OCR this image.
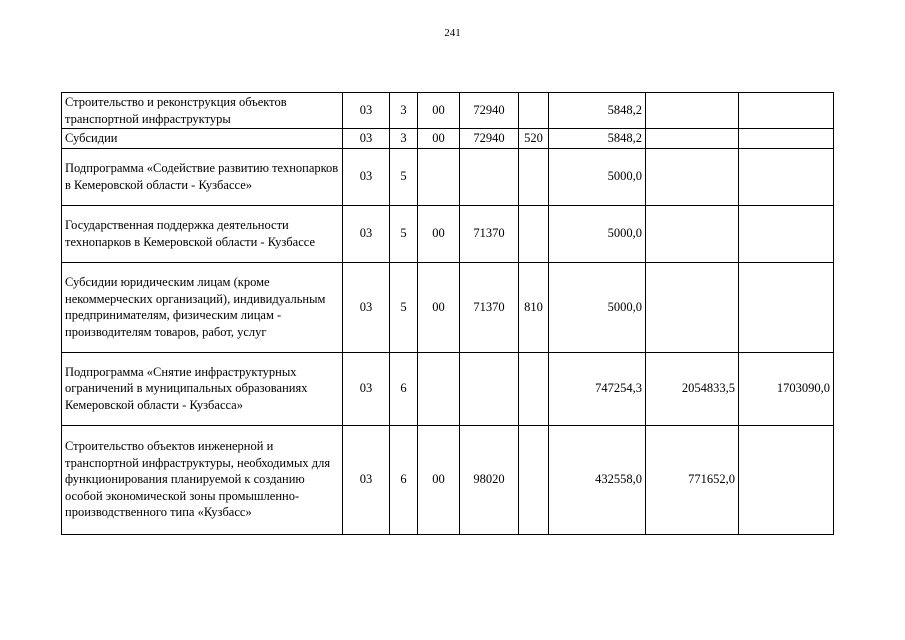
241
Строительство и реконструкция объектов транспортной инфраструктуры	03	3	00	72940		5848,2		
Субсидии	03	3	00	72940	520	5848,2		
Подпрограмма «Содействие развитию технопарков в Кемеровской области - Кузбассе»	03	5				5000,0		
Государственная поддержка деятельности технопарков в Кемеровской области - Кузбассе	03	5	00	71370		5000,0		
Субсидии юридическим лицам (кроме некоммерческих организаций), индивидуальным предпринимателям, физическим лицам - производителям товаров, работ, услуг	03	5	00	71370	810	5000,0		
Подпрограмма «Снятие инфраструктурных ограничений в муниципальных образованиях Кемеровской области - Кузбасса»	03	6				747254,3	2054833,5	1703090,0
Строительство объектов инженерной и транспортной инфраструктуры, необходимых для функционирования планируемой к созданию особой экономической зоны промышленно-производственного типа «Кузбасс»	03	6	00	98020		432558,0	771652,0	
